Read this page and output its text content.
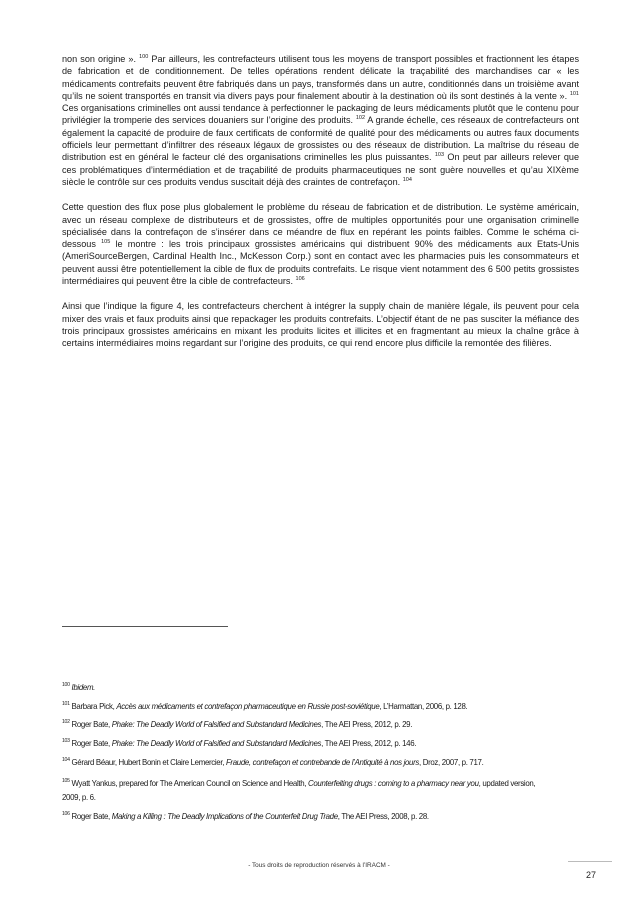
non son origine ». $^{100}$ Par ailleurs, les contrefacteurs utilisent tous les moyens de transport possibles et fractionnent les étapes de fabrication et de conditionnement. De telles opérations rendent délicate la traçabilité des marchandises car « les médicaments contrefaits peuvent être fabriqués dans un pays, transformés dans un autre, conditionnés dans un troisième avant qu’ils ne soient transportés en transit via divers pays pour finalement aboutir à la destination où ils sont destinés à la vente ». $^{101}$ Ces organisations criminelles ont aussi tendance à perfectionner le packaging de leurs médicaments plutôt que le contenu pour privilégier la tromperie des services douaniers sur l’origine des produits. $^{102}$ A grande échelle, ces réseaux de contrefacteurs ont également la capacité de produire de faux certificats de conformité de qualité pour des médicaments ou autres faux documents officiels leur permettant d’infiltrer des réseaux légaux de grossistes ou des réseaux de distribution. La maîtrise du réseau de distribution est en général le facteur clé des organisations criminelles les plus puissantes. $^{103}$ On peut par ailleurs relever que ces problématiques d’intermédiation et de traçabilité de produits pharmaceutiques ne sont guère nouvelles et qu’au XIXème siècle le contrôle sur ces produits vendus suscitait déjà des craintes de contrefaçon. $^{104}$

Cette question des flux pose plus globalement le problème du réseau de fabrication et de distribution. Le système américain, avec un réseau complexe de distributeurs et de grossistes, offre de multiples opportunités pour une organisation criminelle spécialisée dans la contrefaçon de s’insérer dans ce méandre de flux en repérant les points faibles. Comme le schéma ci-dessous $^{105}$ le montre : les trois principaux grossistes américains qui distribuent 90% des médicaments aux Etats-Unis (AmeriSourceBergen, Cardinal Health Inc., McKesson Corp.) sont en contact avec les pharmacies puis les consommateurs et peuvent aussi être potentiellement la cible de flux de produits contrefaits. Le risque vient notamment des 6 500 petits grossistes intermédiaires qui peuvent être la cible de contrefacteurs. $^{106}$

Ainsi que l’indique la figure 4, les contrefacteurs cherchent à intégrer la supply chain de manière légale, ils peuvent pour cela mixer des vrais et faux produits ainsi que repackager les produits contrefaits. L’objectif étant de ne pas susciter la méfiance des trois principaux grossistes américains en mixant les produits licites et illicites et en fragmentant au mieux la chaîne grâce à certains intermédiaires moins regardant sur l’origine des produits, ce qui rend encore plus difficile la remontée des filières.

$^{100}$ Ibidem.
$^{101}$ Barbara Pick, Accès aux médicaments et contrefaçon pharmaceutique en Russie post-soviétique, L’Harmattan, 2006, p. 128.
$^{102}$ Roger Bate, Phake: The Deadly World of Falsified and Substandard Medicines, The AEI Press, 2012, p. 29.
$^{103}$ Roger Bate, Phake: The Deadly World of Falsified and Substandard Medicines, The AEI Press, 2012, p. 146.
$^{104}$ Gérard Béaur, Hubert Bonin et Claire Lemercier, Fraude, contrefaçon et contrebande de l’Antiquité à nos jours, Droz, 2007, p. 717.
$^{105}$ Wyatt Yankus, prepared for The American Council on Science and Health, Counterfeiting drugs : coming to a pharmacy near you, updated version, 2009, p. 6.
$^{106}$ Roger Bate, Making a Killing : The Deadly Implications of the Counterfeit Drug Trade, The AEI Press, 2008, p. 28.
- Tous droits de reproduction réservés à l’IRACM -
27
